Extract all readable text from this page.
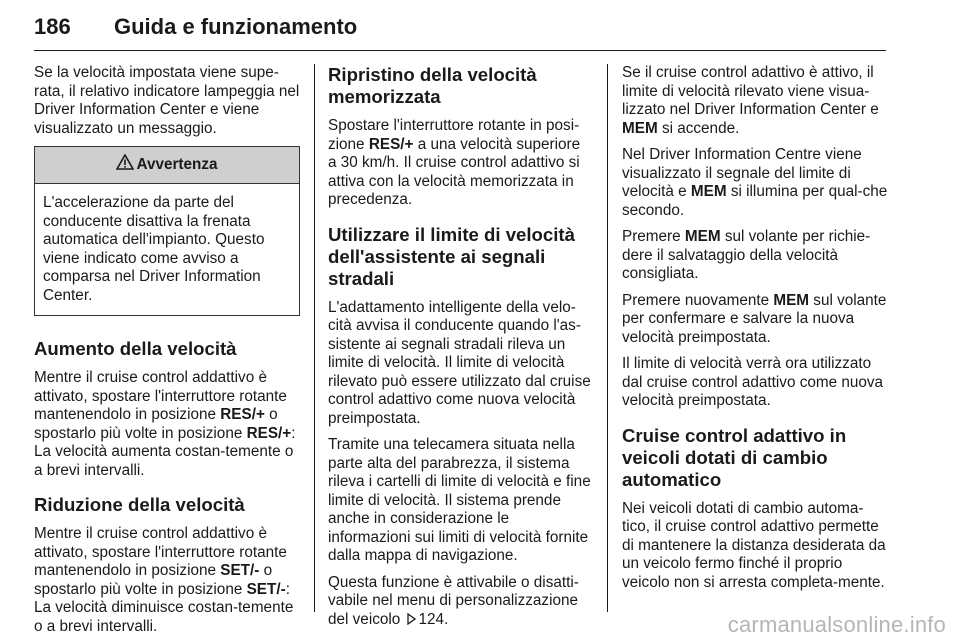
186 Guida e funzionamento

Se la velocità impostata viene supe-rata, il relativo indicatore lampeggia nel Driver Information Center e viene visualizzato un messaggio.

Avvertenza
L'accelerazione da parte del conducente disattiva la frenata automatica dell'impianto. Questo viene indicato come avviso a comparsa nel Driver Information Center.
Aumento della velocità

Mentre il cruise control addattivo è attivato, spostare l'interruttore rotante mantenendolo in posizione RES/+ o spostarlo più volte in posizione RES/+: La velocità aumenta costan-temente o a brevi intervalli.

Riduzione della velocità

Mentre il cruise control addattivo è attivato, spostare l'interruttore rotante mantenendolo in posizione SET/- o spostarlo più volte in posizione SET/-: La velocità diminuisce costan-temente o a brevi intervalli.

Ripristino della velocità memorizzata

Spostare l'interruttore rotante in posi-zione RES/+ a una velocità superiore a 30 km/h. Il cruise control adattivo si attiva con la velocità memorizzata in precedenza.

Utilizzare il limite di velocità dell'assistente ai segnali stradali

L'adattamento intelligente della velo-cità avvisa il conducente quando l'as-sistente ai segnali stradali rileva un limite di velocità. Il limite di velocità rilevato può essere utilizzato dal cruise control adattivo come nuova velocità preimpostata.

Tramite una telecamera situata nella parte alta del parabrezza, il sistema rileva i cartelli di limite di velocità e fine limite di velocità. Il sistema prende anche in considerazione le informazioni sui limiti di velocità fornite dalla mappa di navigazione.

Questa funzione è attivabile o disatti-vabile nel menu di personalizzazione del veicolo 124.

Se il cruise control adattivo è attivo, il limite di velocità rilevato viene visua-lizzato nel Driver Information Center e MEM si accende.

Nel Driver Information Centre viene visualizzato il segnale del limite di velocità e MEM si illumina per qual-che secondo.

Premere MEM sul volante per richie-dere il salvataggio della velocità consigliata.

Premere nuovamente MEM sul volante per confermare e salvare la nuova velocità preimpostata.

Il limite di velocità verrà ora utilizzato dal cruise control adattivo come nuova velocità preimpostata.

Cruise control adattivo in veicoli dotati di cambio automatico

Nei veicoli dotati di cambio automa-tico, il cruise control adattivo permette di mantenere la distanza desiderata da un veicolo fermo finché il proprio veicolo non si arresta completa-mente.

carmanualsonline.info
